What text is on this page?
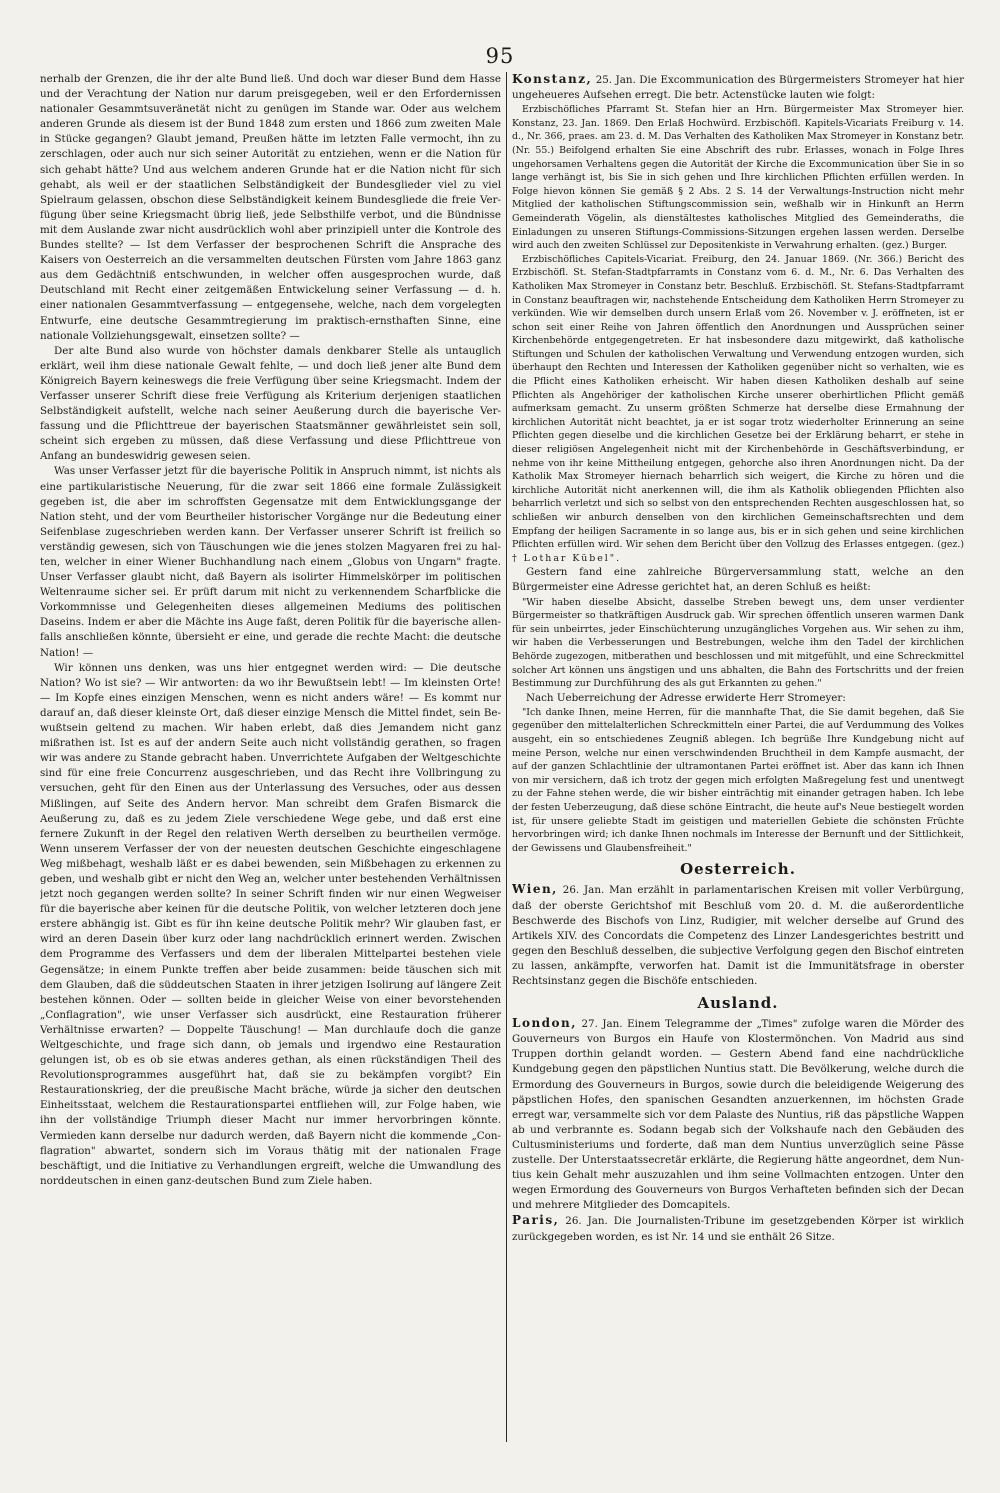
95

nerhalb der Grenzen, die ihr der alte Bund ließ. Und doch war dieser Bund dem Hasse und der Verachtung der Nation nur darum preisgegeben, weil er den Erfordernissen nationaler Gesammtsuveränetät nicht zu genügen im Stande war. Oder aus welchem anderen Grunde als diesem ist der Bund 1848 zum ersten und 1866 zum zweiten Male in Stücke gegangen? Glaubt jemand, Preußen hätte im letzten Falle vermocht, ihn zu zerschlagen, oder auch nur sich seiner Autorität zu entziehen, wenn er die Nation für sich gehabt hätte? Und aus welchem anderen Grunde hat er die Nation nicht für sich gehabt, als weil er der staatlichen Selbständigkeit der Bundesglieder viel zu viel Spielraum gelassen, obschon diese Selbständigkeit keinem Bundesgliede die freie Verfügung über seine Kriegsmacht übrig ließ, jede Selbsthilfe verbot, und die Bündnisse mit dem Auslande zwar nicht ausdrücklich wohl aber prinzipiell unter die Kontrole des Bundes stellte? — Ist dem Verfasser der besprochenen Schrift die Ansprache des Kaisers von Oesterreich an die versammelten deutschen Fürsten vom Jahre 1863 ganz aus dem Gedächtniß entschwunden, in welcher offen ausgesprochen wurde, daß Deutschland mit Recht einer zeitgemäßen Entwickelung seiner Verfassung — d. h. einer nationalen Gesammtverfassung — entgegensehe, welche, nach dem vorgelegten Entwurfe, eine deutsche Gesammtregierung im praktisch-ernsthaften Sinne, eine nationale Vollziehungsgewalt, einsetzen sollte? —

Der alte Bund also wurde von höchster damals denkbarer Stelle als untauglich erklärt, weil ihm diese nationale Gewalt fehlte, — und doch ließ jener alte Bund dem Königreich Bayern keineswegs die freie Verfügung über seine Kriegsmacht. Indem der Verfasser unserer Schrift diese freie Verfügung als Kriterium derjenigen staatlichen Selbständigkeit aufstellt, welche nach seiner Aeußerung durch die bayerische Verfassung und die Pflichttreue der bayerischen Staatsmänner gewährleistet sein soll, scheint sich ergeben zu müssen, daß diese Verfassung und diese Pflichttreue von Anfang an bundeswidrig gewesen seien.

Was unser Verfasser jetzt für die bayerische Politik in Anspruch nimmt, ist nichts als eine partikularistische Neuerung, für die zwar seit 1866 eine formale Zulässigkeit gegeben ist, die aber im schroffsten Gegensatze mit dem Entwicklungsgange der Nation steht, und der vom Beurtheiler historischer Vorgänge nur die Bedeutung einer Seifenblase zugeschrieben werden kann. Der Verfasser unserer Schrift ist freilich so verständig gewesen, sich von Täuschungen wie die jenes stolzen Magyaren frei zu halten, welcher in einer Wiener Buchhandlung nach einem „Globus von Ungarn" fragte. Unser Verfasser glaubt nicht, daß Bayern als isolirter Himmelskörper im politischen Weltenraume sicher sei. Er prüft darum mit nicht zu verkennendem Scharfblicke die Vorkommnisse und Gelegenheiten dieses allgemeinen Mediums des politischen Daseins. Indem er aber die Mächte ins Auge faßt, deren Politik für die bayerische allenfalls anschließen könnte, übersieht er eine, und gerade die rechte Macht: die deutsche Nation! —

Wir können uns denken, was uns hier entgegnet werden wird: — Die deutsche Nation? Wo ist sie? — Wir antworten: da wo ihr Bewußtsein lebt! — Im kleinsten Orte! — Im Kopfe eines einzigen Menschen, wenn es nicht anders wäre! — Es kommt nur darauf an, daß dieser kleinste Ort, daß dieser einzige Mensch die Mittel findet, sein Bewußtsein geltend zu machen. Wir haben erlebt, daß dies Jemandem nicht ganz mißrathen ist. Ist es auf der andern Seite auch nicht vollständig gerathen, so fragen wir was andere zu Stande gebracht haben. Unverrichtete Aufgaben der Weltgeschichte sind für eine freie Concurrenz ausgeschrieben, und das Recht ihre Vollbringung zu versuchen, geht für den Einen aus der Unterlassung des Versuches, oder aus dessen Mißlingen, auf Seite des Andern hervor. Man schreibt dem Grafen Bismarck die Aeußerung zu, daß es zu jedem Ziele verschiedene Wege gebe, und daß erst eine fernere Zukunft in der Regel den relativen Werth derselben zu beurtheilen vermöge. Wenn unserem Verfasser der von der neuesten deutschen Geschichte eingeschlagene Weg mißbehagt, weshalb läßt er es dabei bewenden, sein Mißbehagen zu erkennen zu geben, und weshalb gibt er nicht den Weg an, welcher unter bestehenden Verhältnissen jetzt noch gegangen werden sollte? In seiner Schrift finden wir nur einen Wegweiser für die bayerische aber keinen für die deutsche Politik, von welcher letzteren doch jene erstere abhängig ist. Gibt es für ihn keine deutsche Politik mehr? Wir glauben fast, er wird an deren Dasein über kurz oder lang nachdrücklich erinnert werden. Zwischen dem Programme des Verfassers und dem der liberalen Mittelpartei bestehen viele Gegensätze; in einem Punkte treffen aber beide zusammen: beide täuschen sich mit dem Glauben, daß die süddeutschen Staaten in ihrer jetzigen Isolirung auf längere Zeit bestehen können. Oder — sollten beide in gleicher Weise von einer bevorstehenden „Conflagration", wie unser Verfasser sich ausdrückt, eine Restauration früherer Verhältnisse erwarten? — Doppelte Täuschung! — Man durchlaufe doch die ganze Weltgeschichte, und frage sich dann, ob jemals und irgendwo eine Restauration gelungen ist, ob es ob sie etwas anderes gethan, als einen rückständigen Theil des Revolutionsprogrammes ausgeführt hat, daß sie zu bekämpfen vorgibt? Ein Restaurationskrieg, der die preußische Macht bräche, würde ja sicher den deutschen Einheitsstaat, welchem die Restaurationspartei entfliehen will, zur Folge haben, wie ihn der vollständige Triumph dieser Macht nur immer hervorbringen könnte. Vermieden kann derselbe nur dadurch werden, daß Bayern nicht die kommende „Conflagration" abwartet, sondern sich im Voraus thätig mit der nationalen Frage beschäftigt, und die Initiative zu Verhandlungen ergreift, welche die Umwandlung des norddeutschen in einen ganz-deutschen Bund zum Ziele haben.

Konstanz, 25. Jan. Die Excommunication des Bürgermeisters Stromeyer hat hier ungeheueres Aufsehen erregt. Die betr. Actenstücke lauten wie folgt:

Erzbischöfliches Pfarramt St. Stefan hier an Hrn. Bürgermeister Max Stromeyer hier. Konstanz, 23. Jan. 1869. Den Erlaß Hochwürd. Erzbischöfl. Kapitels-Vicariats Freiburg v. 14. d., Nr. 366, praes. am 23. d. M. Das Verhalten des Katholiken Max Stromeyer in Konstanz betr. (Nr. 55.) Beifolgend erhalten Sie eine Abschrift des rubr. Erlasses, wonach in Folge Ihres ungehorsamen Verhaltens gegen die Autorität der Kirche die Excommunication über Sie in so lange verhängt ist, bis Sie in sich gehen und Ihre kirchlichen Pflichten erfüllen werden. In Folge hievon können Sie gemäß § 2 Abs. 2 S. 14 der Verwaltungs-Instruction nicht mehr Mitglied der katholischen Stiftungscommission sein, weßhalb wir in Hinkunft an Herrn Gemeinderath Vögelin, als dienstältestes katholisches Mitglied des Gemeinderaths, die Einladungen zu unseren Stiftungs-Commissions-Sitzungen ergehen lassen werden. Derselbe wird auch den zweiten Schlüssel zur Depositenkiste in Verwahrung erhalten. (gez.) Burger.

Erzbischöfliches Capitels-Vicariat. Freiburg, den 24. Januar 1869. (Nr. 366.) Bericht des Erzbischöfl. St. Stefan-Stadtpfarramts in Constanz vom 6. d. M., Nr. 6. Das Verhalten des Katholiken Max Stromeyer in Constanz betr. Beschluß. Erzbischöfl. St. Stefans-Stadtpfarramt in Constanz beauftragen wir, nachstehende Entscheidung dem Katholiken Herrn Stromeyer zu verkünden. Wie wir demselben durch unsern Erlaß vom 26. November v. J. eröffneten, ist er schon seit einer Reihe von Jahren öffentlich den Anordnungen und Aussprüchen seiner Kirchenbehörde entgegengetreten. Er hat insbesondere dazu mitgewirkt, daß katholische Stiftungen und Schulen der katholischen Verwaltung und Verwendung entzogen wurden, sich überhaupt den Rechten und Interessen der Katholiken gegenüber nicht so verhalten, wie es die Pflicht eines Katholiken erheischt. Wir haben diesen Katholiken deshalb auf seine Pflichten als Angehöriger der katholischen Kirche unserer oberhirtlichen Pflicht gemäß aufmerksam gemacht. Zu unserm größten Schmerze hat derselbe diese Ermahnung der kirchlichen Autorität nicht beachtet, ja er ist sogar trotz wiederholter Erinnerung an seine Pflichten gegen dieselbe und die kirchlichen Gesetze bei der Erklärung beharrt, er stehe in dieser religiösen Angelegenheit nicht mit der Kirchenbehörde in Geschäftsverbindung, er nehme von ihr keine Mittheilung entgegen, gehorche also ihren Anordnungen nicht. Da der Katholik Max Stromeyer hiernach beharrlich sich weigert, die Kirche zu hören und die kirchliche Autorität nicht anerkennen will, die ihm als Katholik obliegenden Pflichten also beharrlich verletzt und sich so selbst von den entsprechenden Rechten ausgeschlossen hat, so schließen wir anburch denselben von den kirchlichen Gemeinschaftsrechten und dem Empfang der heiligen Sacramente in so lange aus, bis er in sich gehen und seine kirchlichen Pflichten erfüllen wird. Wir sehen dem Bericht über den Vollzug des Erlasses entgegen. (gez.) † Lothar Kübel".

Gestern fand eine zahlreiche Bürgerversammlung statt, welche an den Bürgermeister eine Adresse gerichtet hat, an deren Schluß es heißt:

"Wir haben dieselbe Absicht, dasselbe Streben bewegt uns, dem unser verdienter Bürgermeister so thatkräftigen Ausdruck gab. Wir sprechen öffentlich unseren warmen Dank für sein unbeirrtes, jeder Einschüchterung unzugängliches Vorgehen aus. Wir sehen zu ihm, wir haben die Verbesserungen und Bestrebungen, welche ihm den Tadel der kirchlichen Behörde zugezogen, mitberathen und beschlossen und mit mitgefühlt, und eine Schreckmittel solcher Art können uns ängstigen und uns abhalten, die Bahn des Fortschritts und der freien Bestimmung zur Durchführung des als gut Erkannten zu gehen."

Nach Ueberreichung der Adresse erwiderte Herr Stromeyer:

"Ich danke Ihnen, meine Herren, für die mannhafte That, die Sie damit begehen, daß Sie gegenüber den mittelalterlichen Schreckmitteln einer Partei, die auf Verdummung des Volkes ausgeht, ein so entschiedenes Zeugniß ablegen. Ich begrüße Ihre Kundgebung nicht auf meine Person, welche nur einen verschwindenden Bruchtheil in dem Kampfe ausmacht, der auf der ganzen Schlachtlinie der ultramontanen Partei eröffnet ist. Aber das kann ich Ihnen von mir versichern, daß ich trotz der gegen mich erfolgten Maßregelung fest und unentwegt zu der Fahne stehen werde, die wir bisher einträchtig mit einander getragen haben. Ich lebe der festen Ueberzeugung, daß diese schöne Eintracht, die heute auf's Neue bestiegelt worden ist, für unsere geliebte Stadt im geistigen und materiellen Gebiete die schönsten Früchte hervorbringen wird; ich danke Ihnen nochmals im Interesse der Bernunft und der Sittlichkeit, der Gewissens und Glaubensfreiheit."

Oesterreich.

Wien, 26. Jan. Man erzählt in parlamentarischen Kreisen mit voller Verbürgung, daß der oberste Gerichtshof mit Beschluß vom 20. d. M. die außerordentliche Beschwerde des Bischofs von Linz, Rudigier, mit welcher derselbe auf Grund des Artikels XIV. des Concordats die Competenz des Linzer Landesgerichtes bestritt und gegen den Beschluß desselben, die subjective Verfolgung gegen den Bischof eintreten zu lassen, ankämpfte, verworfen hat. Damit ist die Immunitätsfrage in oberster Rechtsinstanz gegen die Bischöfe entschieden.

Ausland.

London, 27. Jan. Einem Telegramme der „Times" zufolge waren die Mörder des Gouverneurs von Burgos ein Haufe von Klostermönchen. Von Madrid aus sind Truppen dorthin gelandt worden. — Gestern Abend fand eine nachdrückliche Kundgebung gegen den päpstlichen Nuntius statt. Die Bevölkerung, welche durch die Ermordung des Gouverneurs in Burgos, sowie durch die beleidigende Weigerung des päpstlichen Hofes, den spanischen Gesandten anzuerkennen, im höchsten Grade erregt war, versammelte sich vor dem Palaste des Nuntius, riß das päpstliche Wappen ab und verbrannte es. Sodann begab sich der Volkshaufe nach den Gebäuden des Cultusministeriums und forderte, daß man dem Nuntius unverzüglich seine Pässe zustelle. Der Unterstaatssecretär erklärte, die Regierung hätte angeordnet, dem Nuntius kein Gehalt mehr auszuzahlen und ihm seine Vollmachten entzogen. Unter den wegen Ermordung des Gouverneurs von Burgos Verhafteten befinden sich der Decan und mehrere Mitglieder des Domcapitels.

Paris, 26. Jan. Die Journalisten-Tribune im gesetzgebenden Körper ist wirklich zurückgegeben worden, es ist Nr. 14 und sie enthält 26 Sitze.
